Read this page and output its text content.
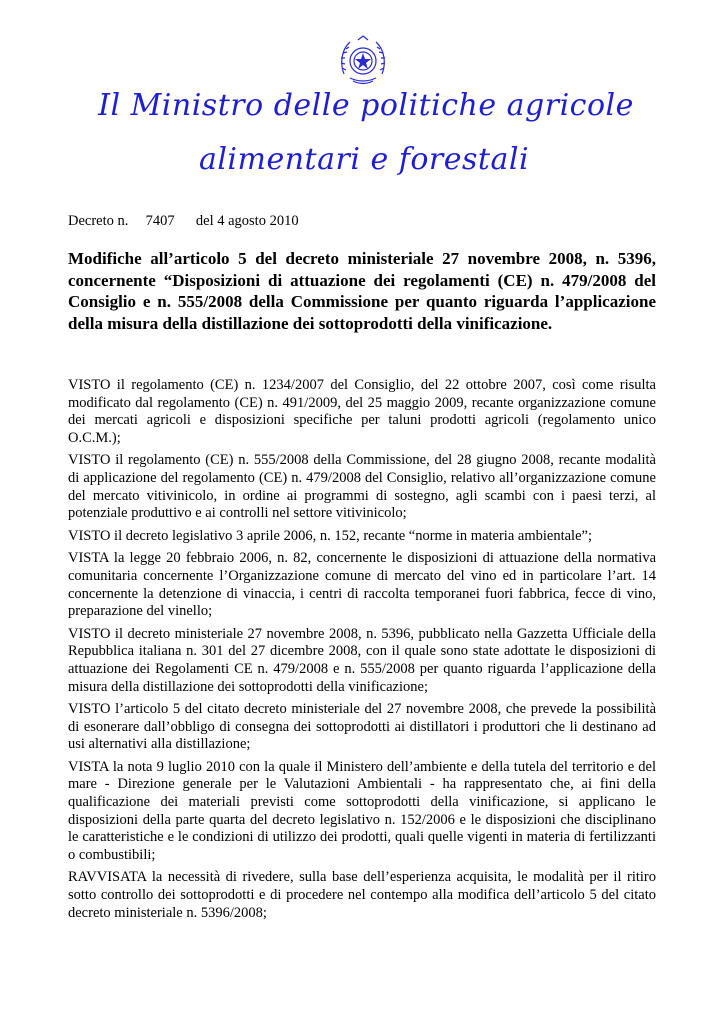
Il Ministro delle politiche agricole
alimentari e forestali
Decreto n. 7407 del 4 agosto 2010
Modifiche all’articolo 5 del decreto ministeriale 27 novembre 2008, n. 5396, concernente “Disposizioni di attuazione dei regolamenti (CE) n. 479/2008 del Consiglio e n. 555/2008 della Commissione per quanto riguarda l’applicazione della misura della distillazione dei sottoprodotti della vinificazione.

VISTO il regolamento (CE) n. 1234/2007 del Consiglio, del 22 ottobre 2007, così come risulta modificato dal regolamento (CE) n. 491/2009, del 25 maggio 2009, recante organizzazione comune dei mercati agricoli e disposizioni specifiche per taluni prodotti agricoli (regolamento unico O.C.M.);

VISTO il regolamento (CE) n. 555/2008 della Commissione, del 28 giugno 2008, recante modalità di applicazione del regolamento (CE) n. 479/2008 del Consiglio, relativo all’organizzazione comune del mercato vitivinicolo, in ordine ai programmi di sostegno, agli scambi con i paesi terzi, al potenziale produttivo e ai controlli nel settore vitivinicolo;

VISTO il decreto legislativo 3 aprile 2006, n. 152, recante “norme in materia ambientale”;

VISTA la legge 20 febbraio 2006, n. 82, concernente le disposizioni di attuazione della normativa comunitaria concernente l’Organizzazione comune di mercato del vino ed in particolare l’art. 14 concernente la detenzione di vinaccia, i centri di raccolta temporanei fuori fabbrica, fecce di vino, preparazione del vinello;

VISTO il decreto ministeriale 27 novembre 2008, n. 5396, pubblicato nella Gazzetta Ufficiale della Repubblica italiana n. 301 del 27 dicembre 2008, con il quale sono state adottate le disposizioni di attuazione dei Regolamenti CE n. 479/2008 e n. 555/2008 per quanto riguarda l’applicazione della misura della distillazione dei sottoprodotti della vinificazione;

VISTO l’articolo 5 del citato decreto ministeriale del 27 novembre 2008, che prevede la possibilità di esonerare dall’obbligo di consegna dei sottoprodotti ai distillatori i produttori che li destinano ad usi alternativi alla distillazione;

VISTA la nota 9 luglio 2010 con la quale il Ministero dell’ambiente e della tutela del territorio e del mare - Direzione generale per le Valutazioni Ambientali - ha rappresentato che, ai fini della qualificazione dei materiali previsti come sottoprodotti della vinificazione, si applicano le disposizioni della parte quarta del decreto legislativo n. 152/2006 e le disposizioni che disciplinano le caratteristiche e le condizioni di utilizzo dei prodotti, quali quelle vigenti in materia di fertilizzanti o combustibili;

RAVVISATA la necessità di rivedere, sulla base dell’esperienza acquisita, le modalità per il ritiro sotto controllo dei sottoprodotti e di procedere nel contempo alla modifica dell’articolo 5 del citato decreto ministeriale n. 5396/2008;
